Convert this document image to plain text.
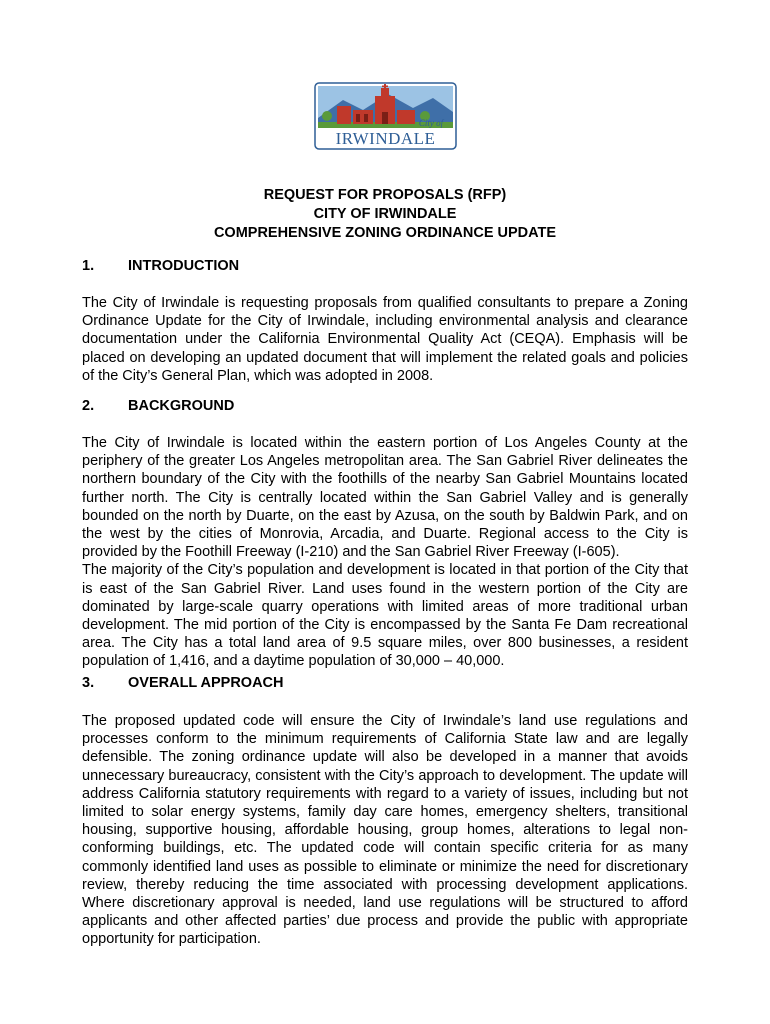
City of
IRWINDALE
REQUEST FOR PROPOSALS (RFP)
CITY OF IRWINDALE
COMPREHENSIVE ZONING ORDINANCE UPDATE
1. INTRODUCTION

The City of Irwindale is requesting proposals from qualified consultants to prepare a Zoning Ordinance Update for the City of Irwindale, including environmental analysis and clearance documentation under the California Environmental Quality Act (CEQA). Emphasis will be placed on developing an updated document that will implement the related goals and policies of the City’s General Plan, which was adopted in 2008.

2. BACKGROUND

The City of Irwindale is located within the eastern portion of Los Angeles County at the periphery of the greater Los Angeles metropolitan area. The San Gabriel River delineates the northern boundary of the City with the foothills of the nearby San Gabriel Mountains located further north. The City is centrally located within the San Gabriel Valley and is generally bounded on the north by Duarte, on the east by Azusa, on the south by Baldwin Park, and on the west by the cities of Monrovia, Arcadia, and Duarte. Regional access to the City is provided by the Foothill Freeway (I-210) and the San Gabriel River Freeway (I-605).

The majority of the City’s population and development is located in that portion of the City that is east of the San Gabriel River. Land uses found in the western portion of the City are dominated by large-scale quarry operations with limited areas of more traditional urban development. The mid portion of the City is encompassed by the Santa Fe Dam recreational area. The City has a total land area of 9.5 square miles, over 800 businesses, a resident population of 1,416, and a daytime population of 30,000 – 40,000.

3. OVERALL APPROACH

The proposed updated code will ensure the City of Irwindale’s land use regulations and processes conform to the minimum requirements of California State law and are legally defensible. The zoning ordinance update will also be developed in a manner that avoids unnecessary bureaucracy, consistent with the City’s approach to development. The update will address California statutory requirements with regard to a variety of issues, including but not limited to solar energy systems, family day care homes, emergency shelters, transitional housing, supportive housing, affordable housing, group homes, alterations to legal non-conforming buildings, etc. The updated code will contain specific criteria for as many commonly identified land uses as possible to eliminate or minimize the need for discretionary review, thereby reducing the time associated with processing development applications. Where discretionary approval is needed, land use regulations will be structured to afford applicants and other affected parties’ due process and provide the public with appropriate opportunity for participation.
